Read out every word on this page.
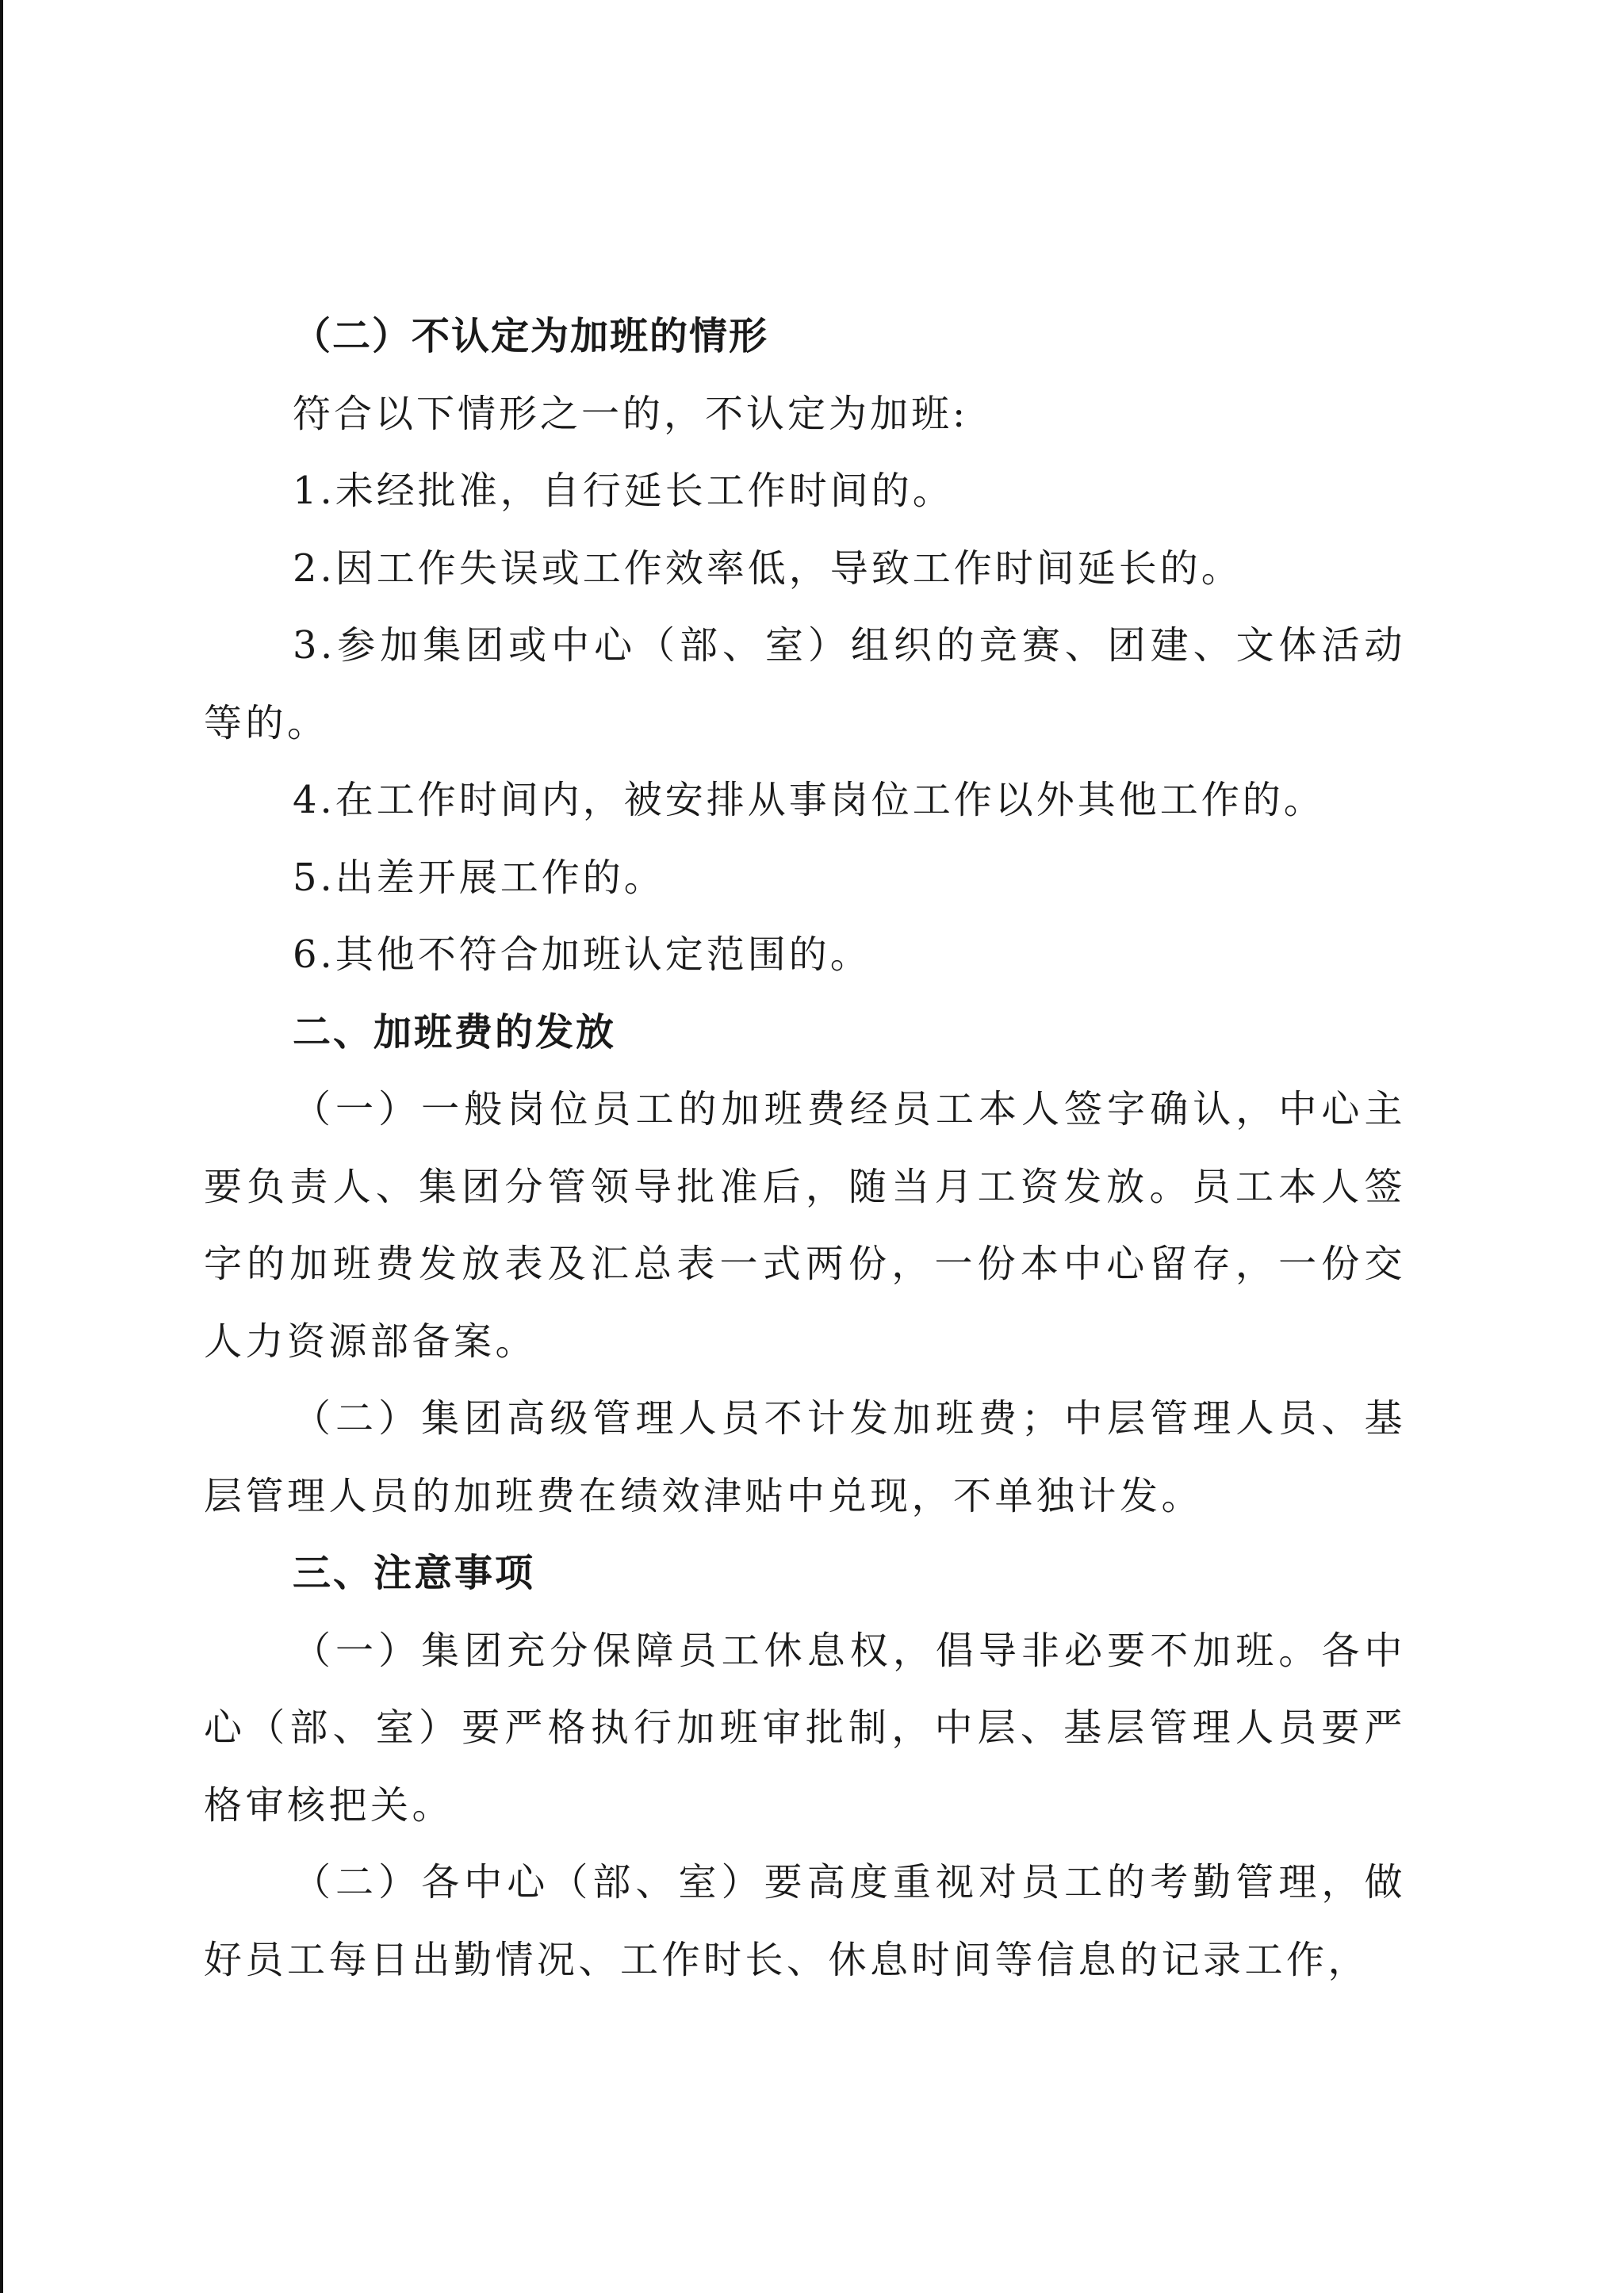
（二）不认定为加班的情形
符合以下情形之一的，不认定为加班:
1.未经批准，自行延长工作时间的。
2.因工作失误或工作效率低，导致工作时间延长的。

3.参加集团或中心（部、室）组织的竞赛、团建、文体活动等的。

4.在工作时间内，被安排从事岗位工作以外其他工作的。
5.出差开展工作的。
6.其他不符合加班认定范围的。
二、加班费的发放

（一）一般岗位员工的加班费经员工本人签字确认，中心主要负责人、集团分管领导批准后，随当月工资发放。员工本人签字的加班费发放表及汇总表一式两份，一份本中心留存，一份交人力资源部备案。

（二）集团高级管理人员不计发加班费；中层管理人员、基层管理人员的加班费在绩效津贴中兑现，不单独计发。

三、注意事项

（一）集团充分保障员工休息权，倡导非必要不加班。各中心（部、室）要严格执行加班审批制，中层、基层管理人员要严格审核把关。

（二）各中心（部、室）要高度重视对员工的考勤管理，做好员工每日出勤情况、工作时长、休息时间等信息的记录工作，
